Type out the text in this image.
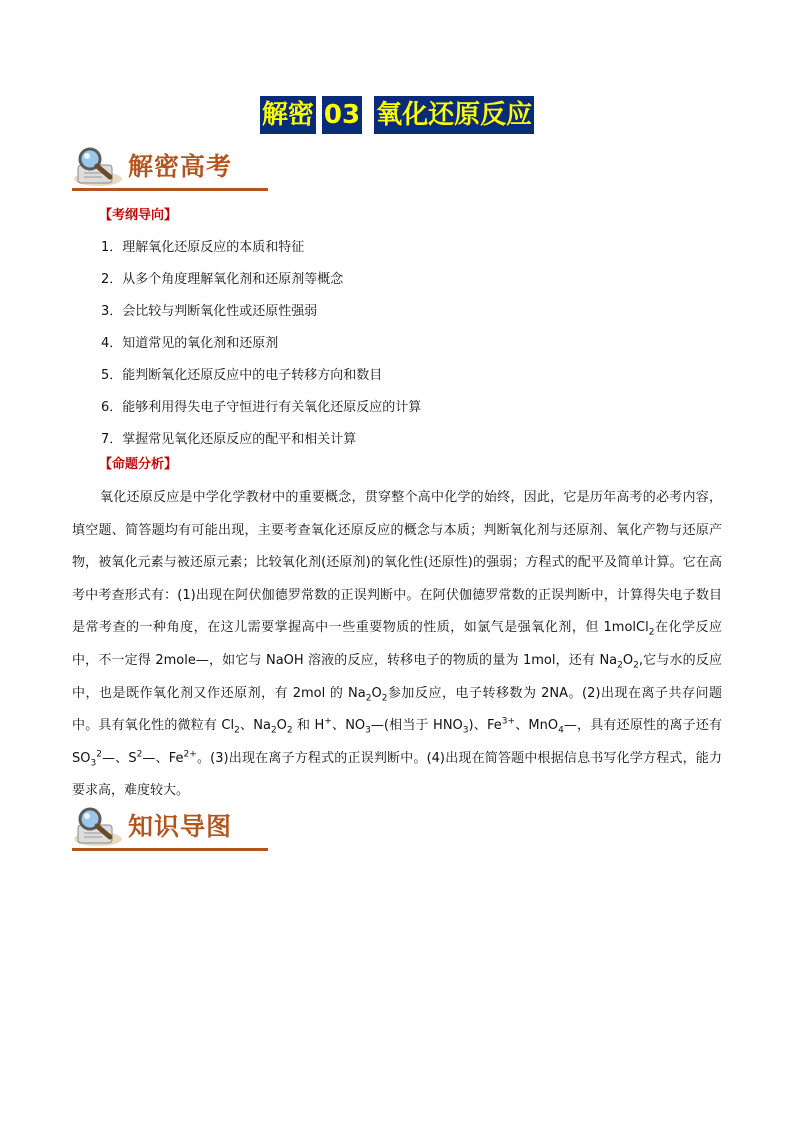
解密 03 氧化还原反应
解密高考
【考纲导向】
1．理解氧化还原反应的本质和特征
2．从多个角度理解氧化剂和还原剂等概念
3．会比较与判断氧化性或还原性强弱
4．知道常见的氧化剂和还原剂
5．能判断氧化还原反应中的电子转移方向和数目
6．能够利用得失电子守恒进行有关氧化还原反应的计算
7．掌握常见氧化还原反应的配平和相关计算
【命题分析】
氧化还原反应是中学化学教材中的重要概念，贯穿整个高中化学的始终，因此，它是历年高考的必考内容，填空题、简答题均有可能出现，主要考查氧化还原反应的概念与本质；判断氧化剂与还原剂、氧化产物与还原产物，被氧化元素与被还原元素；比较氧化剂(还原剂)的氧化性(还原性)的强弱；方程式的配平及简单计算。它在高考中考查形式有：(1)出现在阿伏伽德罗常数的正误判断中。在阿伏伽德罗常数的正误判断中，计算得失电子数目是常考查的一种角度，在这儿需要掌握高中一些重要物质的性质，如氯气是强氧化剂，但 1molCl$_2$在化学反应中，不一定得 2mole—，如它与 NaOH 溶液的反应，转移电子的物质的量为 1mol，还有 $Na_2O_2$,它与水的反应中，也是既作氧化剂又作还原剂，有 2mol 的 $Na_2O_2$参加反应，电子转移数为 2NA。(2)出现在离子共存问题中。具有氧化性的微粒有 $Cl_2$、$Na_2O_2$ 和 H+、$NO_3—$(相当于 $HNO_3$)、$Fe^{3+}$、MnO$_4$—，具有还原性的离子还有 $SO_3^2—$、$S^2—$、$Fe^{2+}$。(3)出现在离子方程式的正误判断中。(4)出现在简答题中根据信息书写化学方程式，能力要求高，难度较大。
知识导图
